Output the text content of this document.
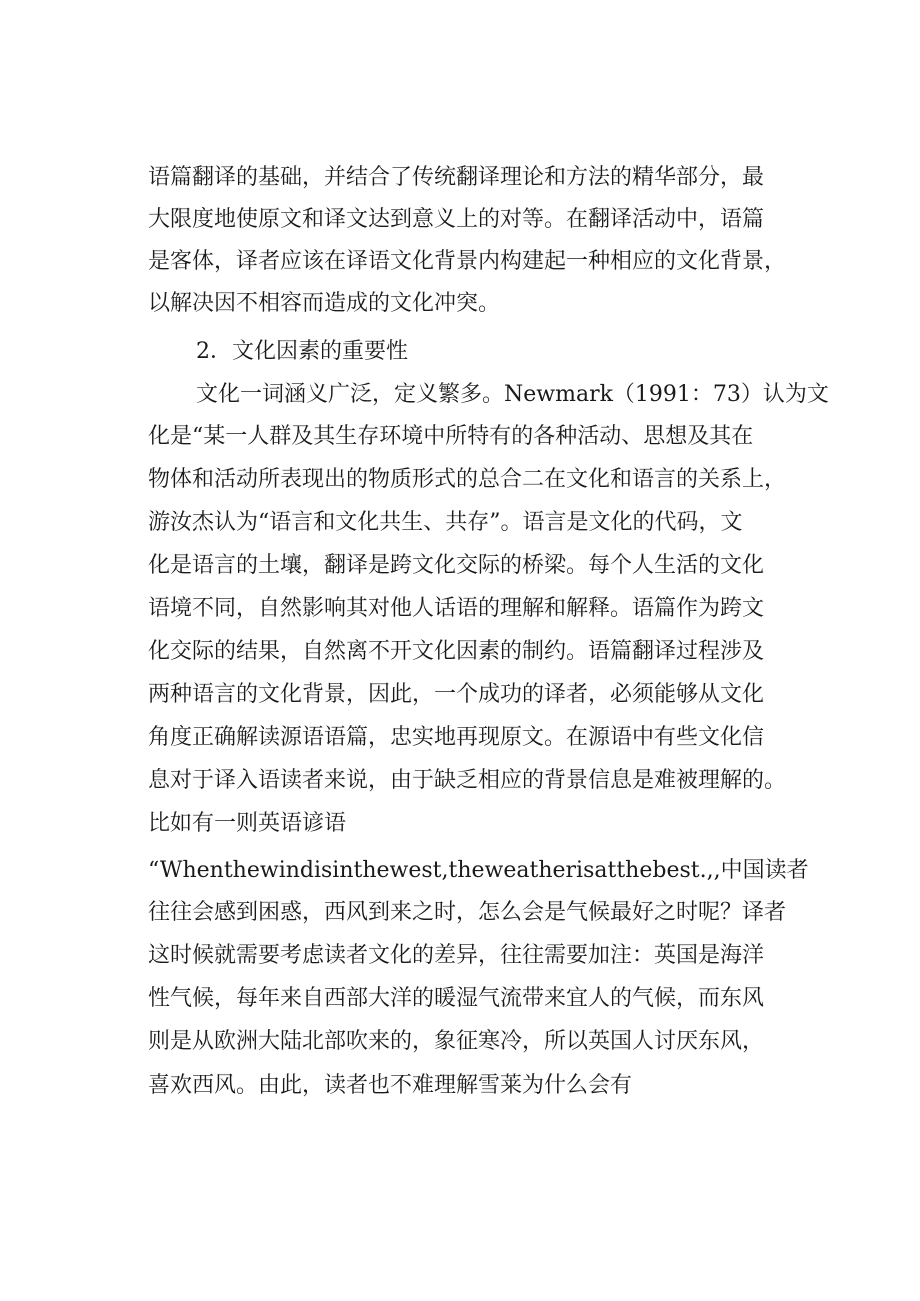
语篇翻译的基础，并结合了传统翻译理论和方法的精华部分，最

大限度地使原文和译文达到意义上的对等。在翻译活动中，语篇

是客体，译者应该在译语文化背景内构建起一种相应的文化背景，

以解决因不相容而造成的文化冲突。

2．文化因素的重要性

文化一词涵义广泛，定义繁多。Newmark（1991：73）认为文

化是“某一人群及其生存环境中所特有的各种活动、思想及其在

物体和活动所表现出的物质形式的总合二在文化和语言的关系上，

游汝杰认为“语言和文化共生、共存”。语言是文化的代码，文

化是语言的土壤，翻译是跨文化交际的桥梁。每个人生活的文化

语境不同，自然影响其对他人话语的理解和解释。语篇作为跨文

化交际的结果，自然离不开文化因素的制约。语篇翻译过程涉及

两种语言的文化背景，因此，一个成功的译者，必须能够从文化

角度正确解读源语语篇，忠实地再现原文。在源语中有些文化信

息对于译入语读者来说，由于缺乏相应的背景信息是难被理解的。

比如有一则英语谚语

“Whenthewindisinthewest,theweatherisatthebest.,,中国读者

往往会感到困惑，西风到来之时，怎么会是气候最好之时呢？译者

这时候就需要考虑读者文化的差异，往往需要加注：英国是海洋

性气候，每年来自西部大洋的暖湿气流带来宜人的气候，而东风

则是从欧洲大陆北部吹来的，象征寒冷，所以英国人讨厌东风，

喜欢西风。由此，读者也不难理解雪莱为什么会有
